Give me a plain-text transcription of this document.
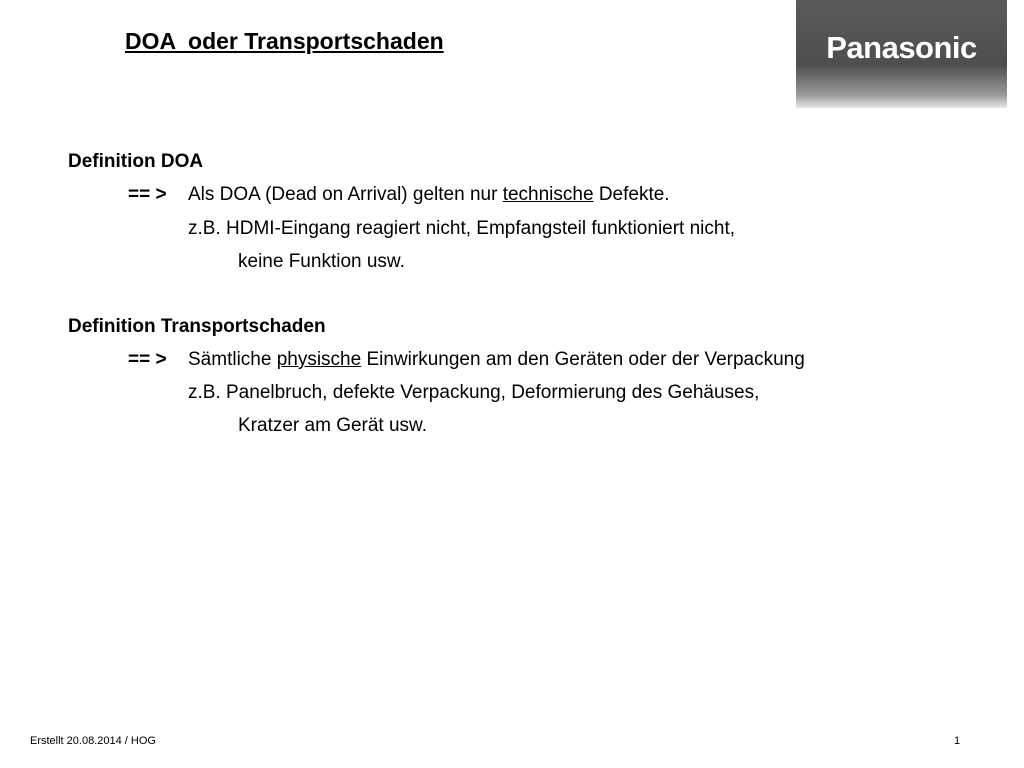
DOA  oder Transportschaden	Panasonic
Definition DOA
== > Als DOA (Dead on Arrival) gelten nur technische Defekte.
z.B. HDMI-Eingang reagiert nicht, Empfangsteil funktioniert nicht,
keine Funktion usw.
Definition Transportschaden
== > Sämtliche physische Einwirkungen am den Geräten oder der Verpackung
z.B. Panelbruch, defekte Verpackung, Deformierung des Gehäuses,
Kratzer am Gerät usw.
Erstellt 20.08.2014 / HOG	1
